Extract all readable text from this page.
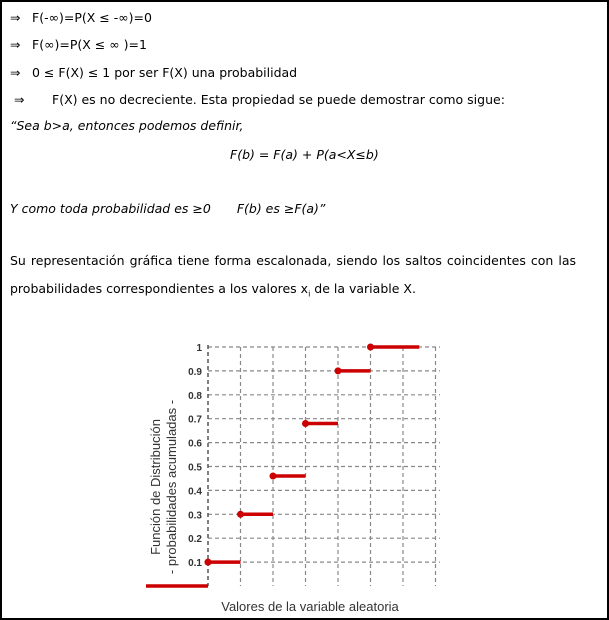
⇒ F(-∞)=P(X ≤ -∞)=0
⇒ F(∞)=P(X ≤ ∞ )=1
⇒ 0 ≤ F(X) ≤ 1 por ser F(X) una probabilidad
⇒ F(X) es no decreciente. Esta propiedad se puede demostrar como sigue:
“Sea b>a, entonces podemos definir,
F(b) = F(a) + P(a<X≤b)
Y como toda probabilidad es ≥0 F(b) es ≥F(a)”
Su representación gráfica tiene forma escalonada, siendo los saltos coincidentes con las probabilidades correspondientes a los valores $x_i$ de la variable X.
0.1
0.2
0.3
0.4
0.5
0.6
0.7
0.8
0.9
1
Función de Distribución - probabilidades acumuladas -
Valores de la variable aleatoria
